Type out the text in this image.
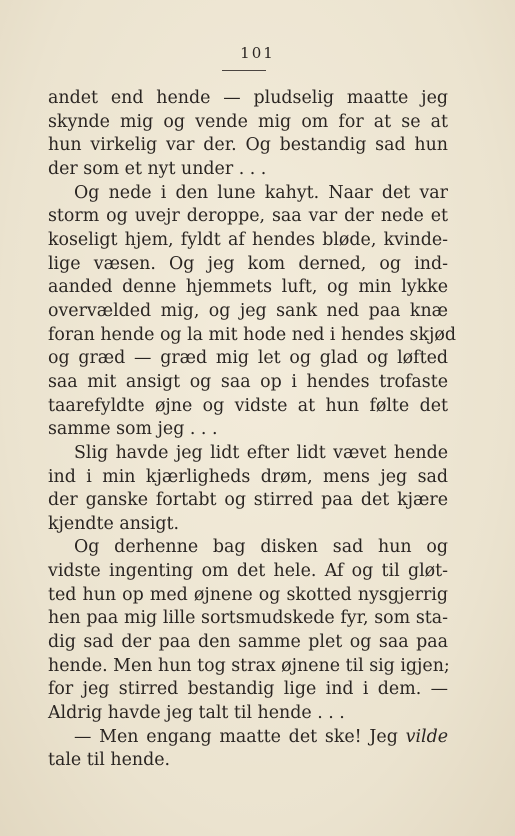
101
andet end hende — pludselig maatte jeg
skynde mig og vende mig om for at se at
hun virkelig var der. Og bestandig sad hun
der som et nyt under . . .
Og nede i den lune kahyt. Naar det var
storm og uvejr deroppe, saa var der nede et
koseligt hjem, fyldt af hendes bløde, kvinde-
lige væsen. Og jeg kom derned, og ind-
aanded denne hjemmets luft, og min lykke
overvælded mig, og jeg sank ned paa knæ
foran hende og la mit hode ned i hendes skjød
og græd — græd mig let og glad og løfted
saa mit ansigt og saa op i hendes trofaste
taarefyldte øjne og vidste at hun følte det
samme som jeg . . .
Slig havde jeg lidt efter lidt vævet hende
ind i min kjærligheds drøm, mens jeg sad
der ganske fortabt og stirred paa det kjære
kjendte ansigt.
Og derhenne bag disken sad hun og
vidste ingenting om det hele. Af og til gløt-
ted hun op med øjnene og skotted nysgjerrig
hen paa mig lille sortsmudskede fyr, som sta-
dig sad der paa den samme plet og saa paa
hende. Men hun tog strax øjnene til sig igjen;
for jeg stirred bestandig lige ind i dem. —
Aldrig havde jeg talt til hende . . .
— Men engang maatte det ske! Jeg vilde
tale til hende.
